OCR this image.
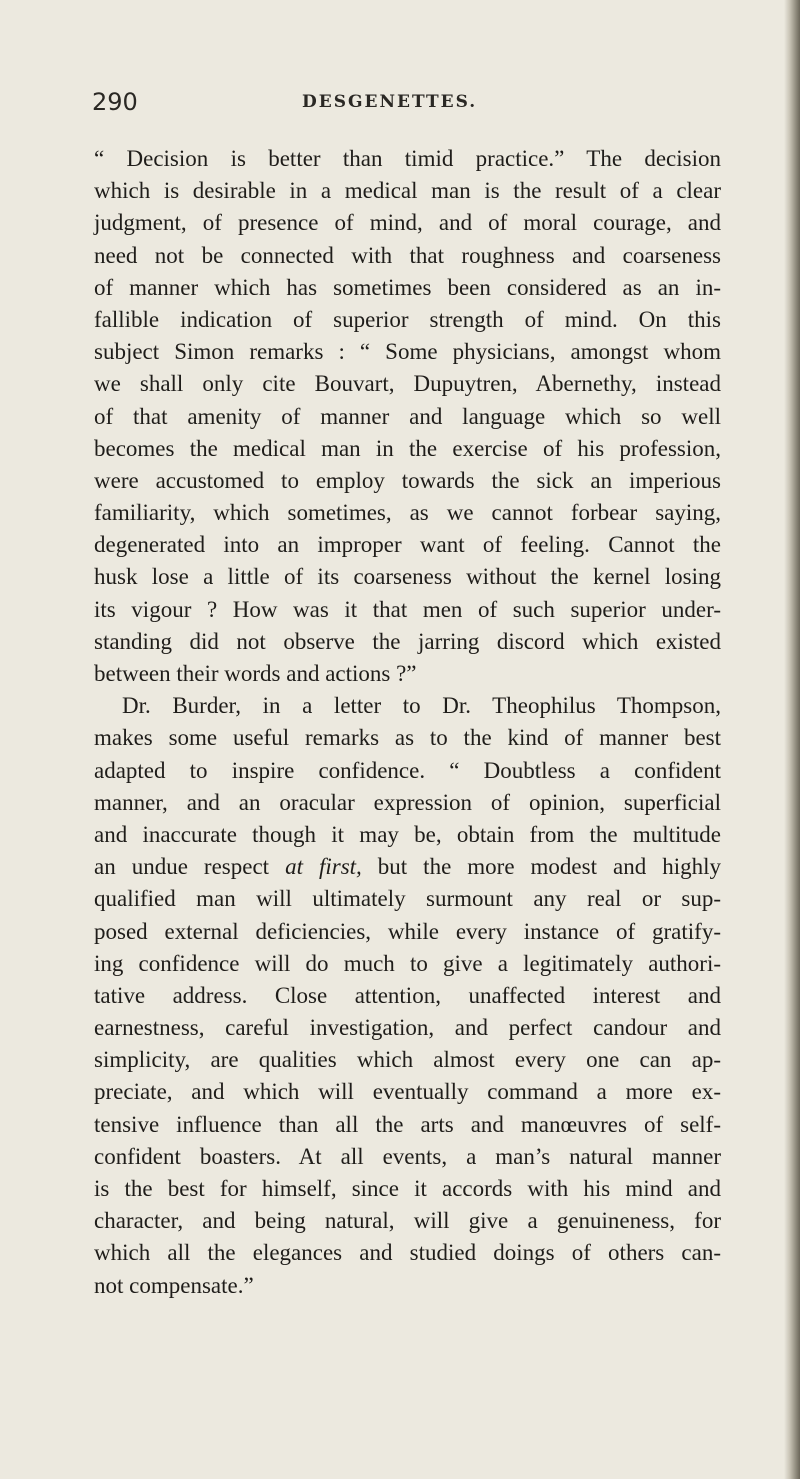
290	DESGENETTES.
“ Decision is better than timid practice.” The decision
which is desirable in a medical man is the result of a clear
judgment, of presence of mind, and of moral courage, and
need not be connected with that roughness and coarseness
of manner which has sometimes been considered as an in-
fallible indication of superior strength of mind. On this
subject Simon remarks : “ Some physicians, amongst whom
we shall only cite Bouvart, Dupuytren, Abernethy, instead
of that amenity of manner and language which so well
becomes the medical man in the exercise of his profession,
were accustomed to employ towards the sick an imperious
familiarity, which sometimes, as we cannot forbear saying,
degenerated into an improper want of feeling. Cannot the
husk lose a little of its coarseness without the kernel losing
its vigour ? How was it that men of such superior under-
standing did not observe the jarring discord which existed
between their words and actions ?”
Dr. Burder, in a letter to Dr. Theophilus Thompson,
makes some useful remarks as to the kind of manner best
adapted to inspire confidence. “ Doubtless a confident
manner, and an oracular expression of opinion, superficial
and inaccurate though it may be, obtain from the multitude
an undue respect at first, but the more modest and highly
qualified man will ultimately surmount any real or sup-
posed external deficiencies, while every instance of gratify-
ing confidence will do much to give a legitimately authori-
tative address. Close attention, unaffected interest and
earnestness, careful investigation, and perfect candour and
simplicity, are qualities which almost every one can ap-
preciate, and which will eventually command a more ex-
tensive influence than all the arts and manœuvres of self-
confident boasters. At all events, a man’s natural manner
is the best for himself, since it accords with his mind and
character, and being natural, will give a genuineness, for
which all the elegances and studied doings of others can-
not compensate.”
